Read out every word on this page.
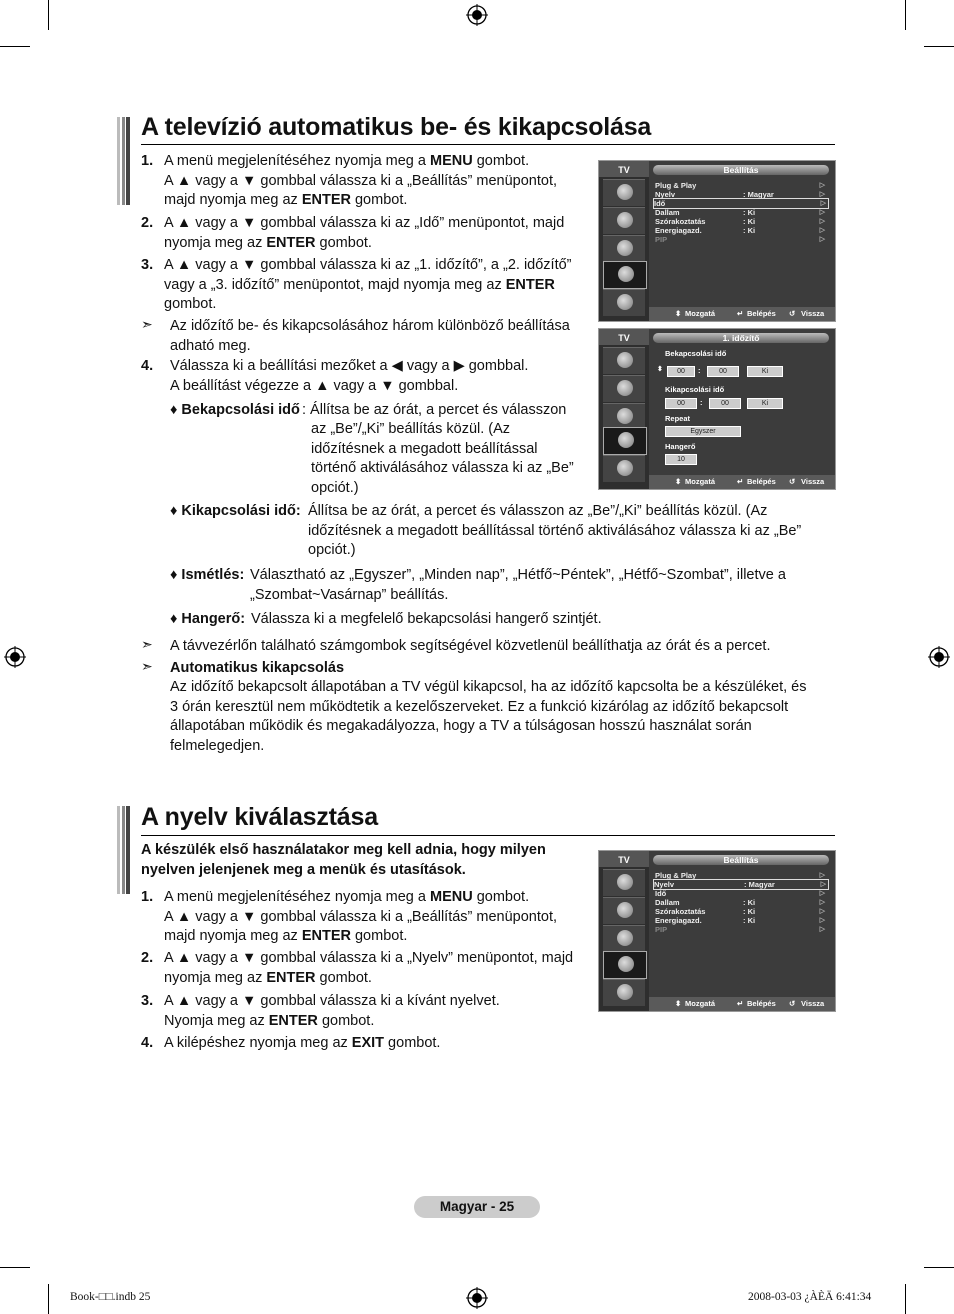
A televízió automatikus be- és kikapcsolása
1. A menü megjelenítéséhez nyomja meg a MENU gombot.
A ▲ vagy a ▼ gombbal válassza ki a „Beállítás” menüpontot,
majd nyomja meg az ENTER gombot.
2. A ▲ vagy a ▼ gombbal válassza ki az „Idő” menüpontot, majd
nyomja meg az ENTER gombot.
3. A ▲ vagy a ▼ gombbal válassza ki az „1. időzítő”, a „2. időzítő”
vagy a „3. időzítő” menüpontot, majd nyomja meg az ENTER
gombot.
➣ Az időzítő be- és kikapcsolásához három különböző beállítása
adható meg.
4. Válassza ki a beállítási mezőket a ◀ vagy a ▶ gombbal.
A beállítást végezze a ▲ vagy a ▼ gombbal.
♦ Bekapcsolási idő : Állítsa be az órát, a percet és válasszon
az „Be”/„Ki” beállítás közül. (Az
időzítésnek a megadott beállítással
történő aktiválásához válassza ki az „Be”
opciót.)
♦ Kikapcsolási idő: Állítsa be az órát, a percet és válasszon az „Be”/„Ki” beállítás közül. (Az
időzítésnek a megadott beállítással történő aktiválásához válassza ki az „Be”
opciót.)
♦ Ismétlés: Választható az „Egyszer”, „Minden nap”, „Hétfő~Péntek”, „Hétfő~Szombat”, illetve a
„Szombat~Vasárnap” beállítás.
♦ Hangerő: Válassza ki a megfelelő bekapcsolási hangerő szintjét.
➣ A távvezérlőn található számgombok segítségével közvetlenül beállíthatja az órát és a percet.
➣ Automatikus kikapcsolás
Az időzítő bekapcsolt állapotában a TV végül kikapcsol, ha az időzítő kapcsolta be a készüléket, és
3 órán keresztül nem működtetik a kezelőszerveket. Ez a funkció kizárólag az időzítő bekapcsolt
állapotában működik és megakadályozza, hogy a TV a túlságosan hosszú használat során
felmelegedjen.
TV	Beállítás
Plug & Play	▷
Nyelv	: Magyar	▷
Idő	▷
Dallam	: Ki	▷
Szórakoztatás	: Ki	▷
Energiagazd.	: Ki	▷
PIP	▷
⬍ Mozgatá	↵ Belépés ↺ Vissza
TV	1. időzítő
Bekapcsolási idő
⬍	00	:	00	Ki
Kikapcsolási idő
00	:	00	Ki
Repeat
Egyszer
Hangerő
10
⬍ Mozgatá	↵ Belépés ↺ Vissza
A nyelv kiválasztása
A készülék első használatakor meg kell adnia, hogy milyen
nyelven jelenjenek meg a menük és utasítások.
1. A menü megjelenítéséhez nyomja meg a MENU gombot.
A ▲ vagy a ▼ gombbal válassza ki a „Beállítás” menüpontot,
majd nyomja meg az ENTER gombot.
2. A ▲ vagy a ▼ gombbal válassza ki a „Nyelv” menüpontot, majd
nyomja meg az ENTER gombot.
3. A ▲ vagy a ▼ gombbal válassza ki a kívánt nyelvet.
Nyomja meg az ENTER gombot.
4. A kilépéshez nyomja meg az EXIT gombot.
TV	Beállítás
Plug & Play	▷
Nyelv	: Magyar	▷
Idő	▷
Dallam	: Ki	▷
Szórakoztatás	: Ki	▷
Energiagazd.	: Ki	▷
PIP	▷
⬍ Mozgatá	↵ Belépés ↺ Vissza
Magyar - 25
Book-□□.indb 25	2008-03-03 ¿ÀÈÄ 6:41:34
